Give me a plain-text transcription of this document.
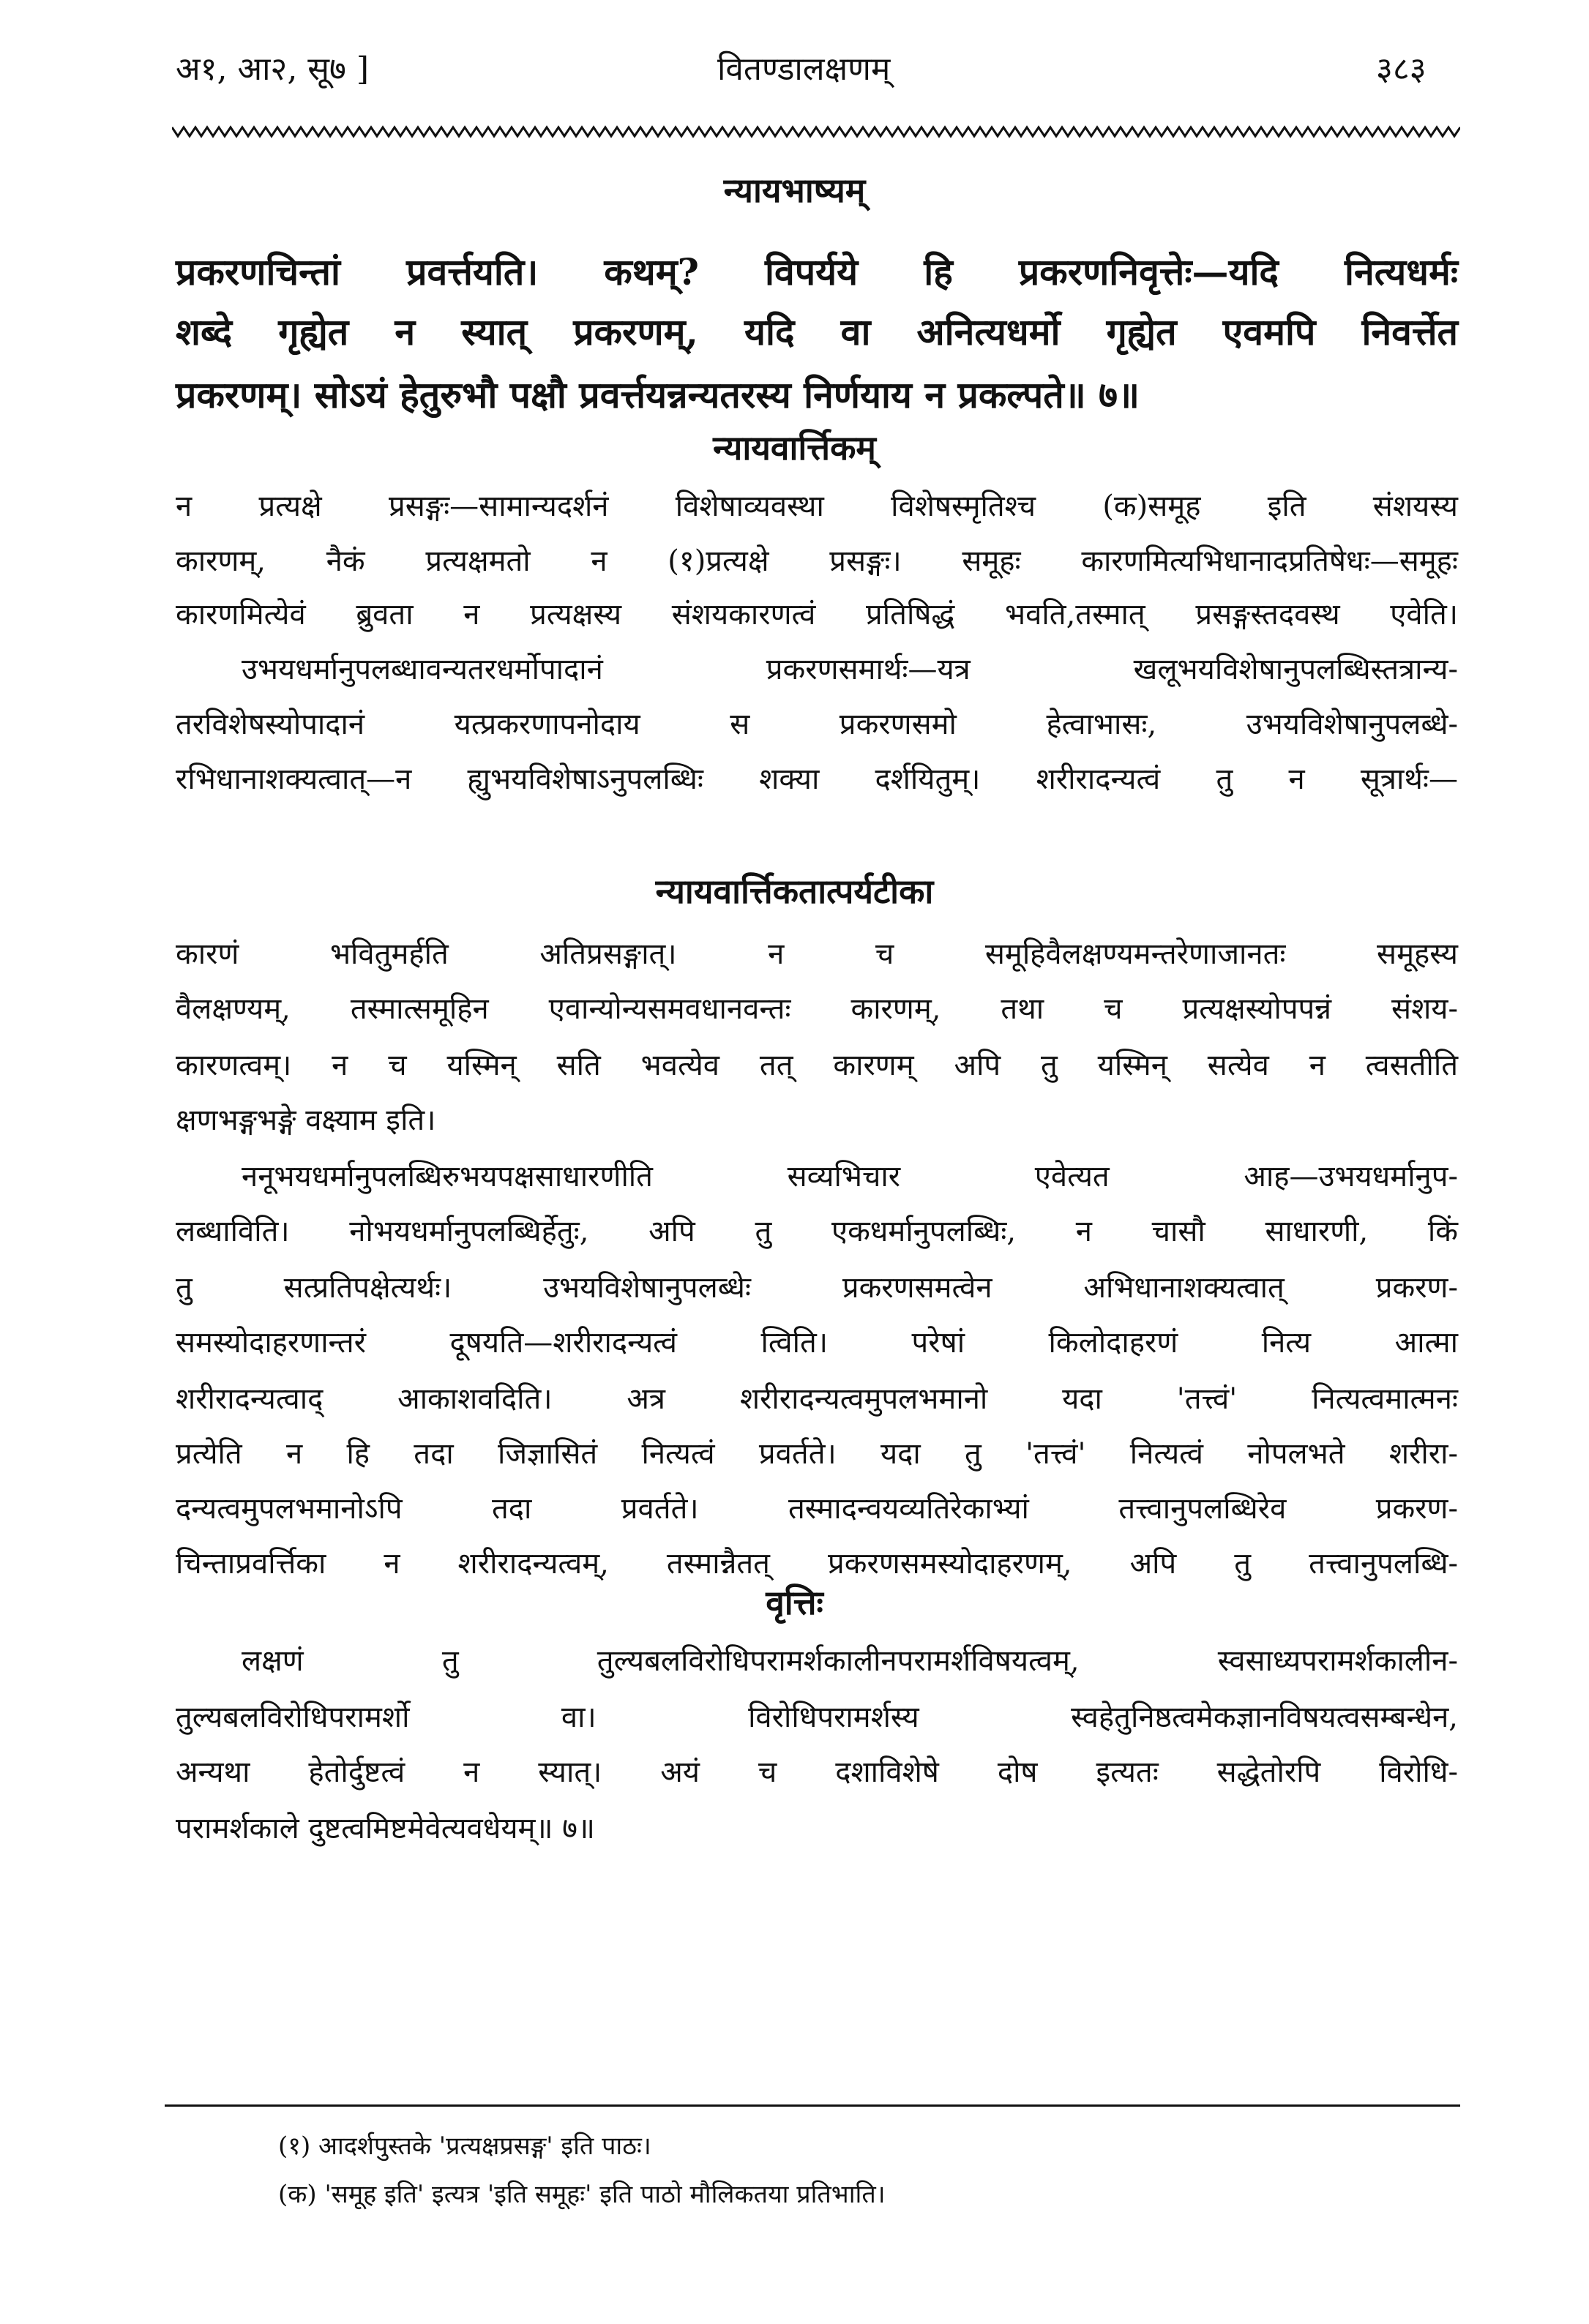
अ१, आ२, सू७ ]	वितण्डालक्षणम्	३८३
न्यायभाष्यम्
प्रकरणचिन्तां प्रवर्त्तयति। कथम्? विपर्यये हि प्रकरणनिवृत्तेः—यदि नित्यधर्मः
शब्दे गृह्येत न स्यात् प्रकरणम्, यदि वा अनित्यधर्मो गृह्येत एवमपि निवर्त्तेत
प्रकरणम्। सोऽयं हेतुरुभौ पक्षौ प्रवर्त्तयन्नन्यतरस्य निर्णयाय न प्रकल्पते॥ ७॥
न्यायवार्त्तिकम्
न प्रत्यक्षे प्रसङ्गः—सामान्यदर्शनं विशेषाव्यवस्था विशेषस्मृतिश्च (क)समूह इति संशयस्य
कारणम्, नैकं प्रत्यक्षमतो न (१)प्रत्यक्षे प्रसङ्गः। समूहः कारणमित्यभिधानादप्रतिषेधः—समूहः
कारणमित्येवं ब्रुवता न प्रत्यक्षस्य संशयकारणत्वं प्रतिषिद्धं भवति,तस्मात् प्रसङ्गस्तदवस्थ एवेति।
उभयधर्मानुपलब्धावन्यतरधर्मोपादानं प्रकरणसमार्थः—यत्र खलूभयविशेषानुपलब्धिस्तत्रान्य-
तरविशेषस्योपादानं यत्प्रकरणापनोदाय स प्रकरणसमो हेत्वाभासः, उभयविशेषानुपलब्धे-
रभिधानाशक्यत्वात्—न ह्युभयविशेषाऽनुपलब्धिः शक्या दर्शयितुम्। शरीरादन्यत्वं तु न सूत्रार्थः—
न्यायवार्त्तिकतात्पर्यटीका
कारणं भवितुमर्हति अतिप्रसङ्गात्। न च समूहिवैलक्षण्यमन्तरेणाजानतः समूहस्य
वैलक्षण्यम्, तस्मात्समूहिन एवान्योन्यसमवधानवन्तः कारणम्, तथा च प्रत्यक्षस्योपपन्नं संशय-
कारणत्वम्। न च यस्मिन् सति भवत्येव तत् कारणम् अपि तु यस्मिन् सत्येव न त्वसतीति
क्षणभङ्गभङ्गे वक्ष्याम इति।
ननूभयधर्मानुपलब्धिरुभयपक्षसाधारणीति सव्यभिचार एवेत्यत आह—उभयधर्मानुप-
लब्धाविति। नोभयधर्मानुपलब्धिर्हेतुः, अपि तु एकधर्मानुपलब्धिः, न चासौ साधारणी, किं
तु सत्प्रतिपक्षेत्यर्थः। उभयविशेषानुपलब्धेः प्रकरणसमत्वेन अभिधानाशक्यत्वात् प्रकरण-
समस्योदाहरणान्तरं दूषयति—शरीरादन्यत्वं त्विति। परेषां किलोदाहरणं नित्य आत्मा
शरीरादन्यत्वाद् आकाशवदिति। अत्र शरीरादन्यत्वमुपलभमानो यदा 'तत्त्वं' नित्यत्वमात्मनः
प्रत्येति न हि तदा जिज्ञासितं नित्यत्वं प्रवर्तते। यदा तु 'तत्त्वं' नित्यत्वं नोपलभते शरीरा-
दन्यत्वमुपलभमानोऽपि तदा प्रवर्तते। तस्मादन्वयव्यतिरेकाभ्यां तत्त्वानुपलब्धिरेव प्रकरण-
चिन्ताप्रवर्त्तिका न शरीरादन्यत्वम्, तस्मान्नैतत् प्रकरणसमस्योदाहरणम्, अपि तु तत्त्वानुपलब्धि-
वृत्तिः
लक्षणं तु तुल्यबलविरोधिपरामर्शकालीनपरामर्शविषयत्वम्, स्वसाध्यपरामर्शकालीन-
तुल्यबलविरोधिपरामर्शो वा। विरोधिपरामर्शस्य स्वहेतुनिष्ठत्वमेकज्ञानविषयत्वसम्बन्धेन,
अन्यथा हेतोर्दुष्टत्वं न स्यात्। अयं च दशाविशेषे दोष इत्यतः सद्धेतोरपि विरोधि-
परामर्शकाले दुष्टत्वमिष्टमेवेत्यवधेयम्॥ ७॥
(१) आदर्शपुस्तके 'प्रत्यक्षप्रसङ्ग' इति पाठः।
(क) 'समूह इति' इत्यत्र 'इति समूहः' इति पाठो मौलिकतया प्रतिभाति।
